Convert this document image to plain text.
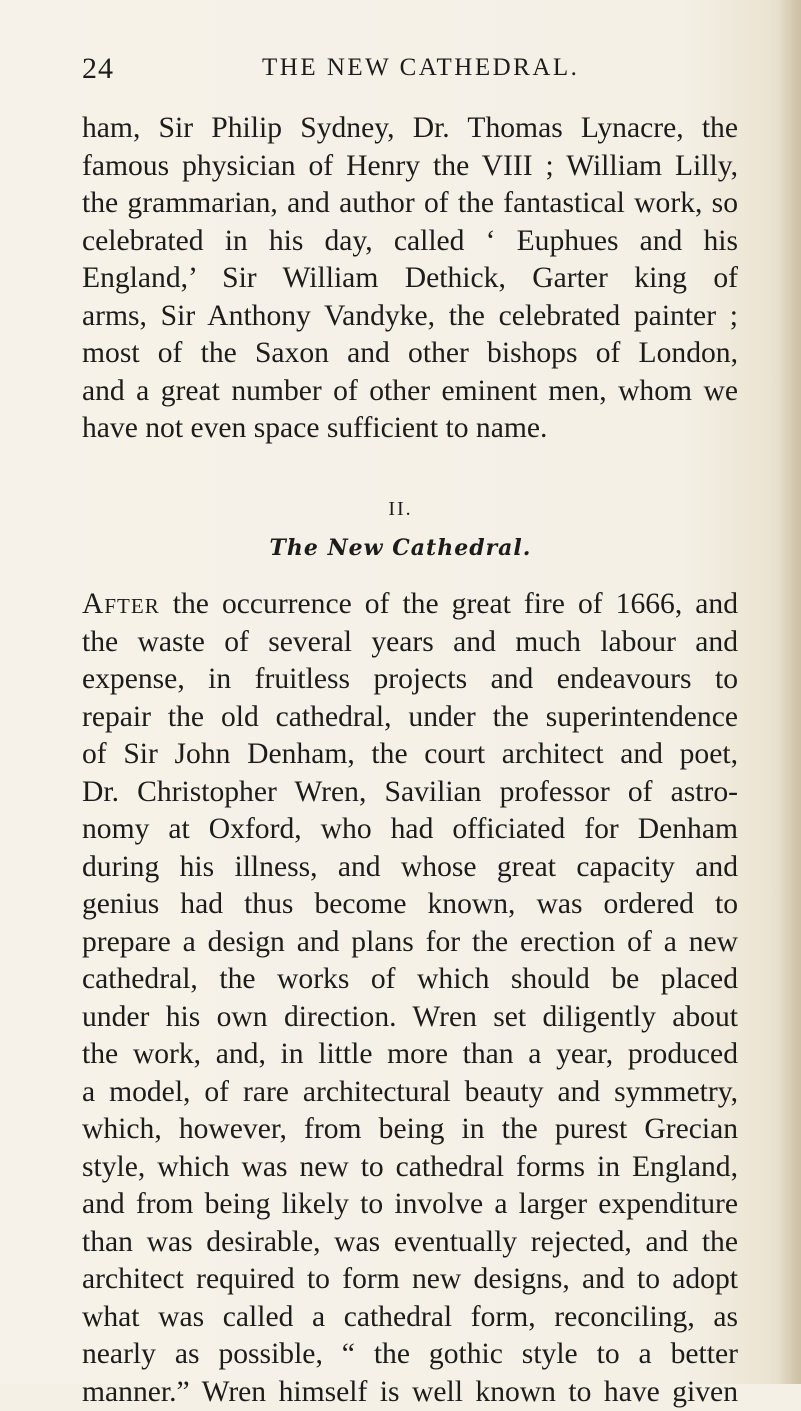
24	THE NEW CATHEDRAL.
ham, Sir Philip Sydney, Dr. Thomas Lynacre, the
famous physician of Henry the VIII ; William Lilly,
the grammarian, and author of the fantastical work, so
celebrated in his day, called ‘ Euphues and his
England,’ Sir William Dethick, Garter king of
arms, Sir Anthony Vandyke, the celebrated painter ;
most of the Saxon and other bishops of London,
and a great number of other eminent men, whom we
have not even space sufficient to name.
II.
The New Cathedral.
After the occurrence of the great fire of 1666, and
the waste of several years and much labour and
expense, in fruitless projects and endeavours to
repair the old cathedral, under the superintendence
of Sir John Denham, the court architect and poet,
Dr. Christopher Wren, Savilian professor of astro-
nomy at Oxford, who had officiated for Denham
during his illness, and whose great capacity and
genius had thus become known, was ordered to
prepare a design and plans for the erection of a new
cathedral, the works of which should be placed
under his own direction. Wren set diligently about
the work, and, in little more than a year, produced
a model, of rare architectural beauty and symmetry,
which, however, from being in the purest Grecian
style, which was new to cathedral forms in England,
and from being likely to involve a larger expenditure
than was desirable, was eventually rejected, and the
architect required to form new designs, and to adopt
what was called a cathedral form, reconciling, as
nearly as possible, “ the gothic style to a better
manner.” Wren himself is well known to have given
